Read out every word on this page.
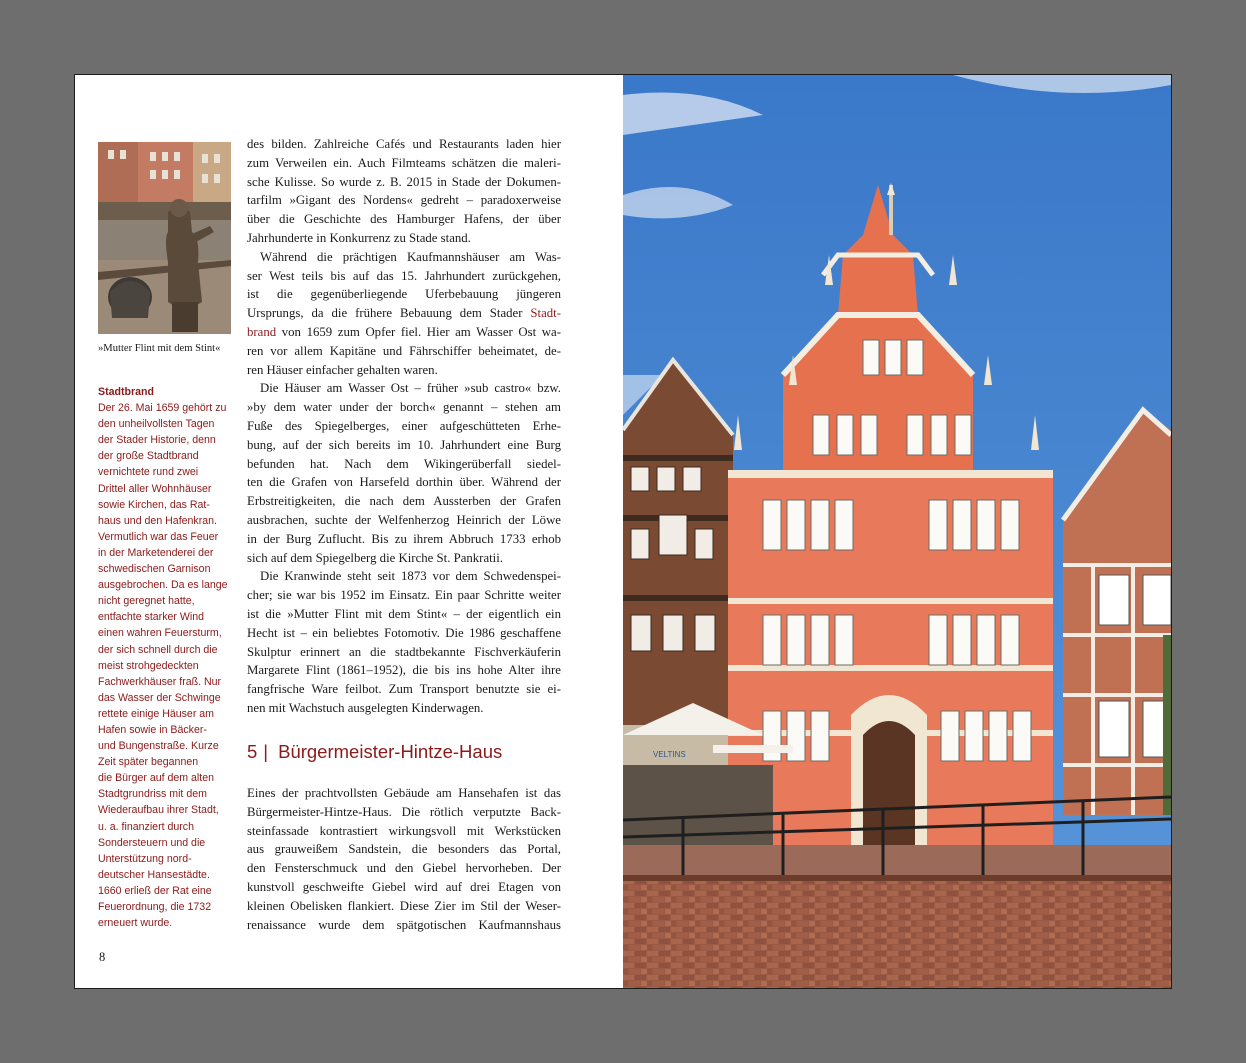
»Mutter Flint mit dem Stint«
Stadtbrand
Der 26. Mai 1659 gehört zu
den unheilvollsten Tagen
der Stader Historie, denn
der große Stadtbrand
vernichtete rund zwei
Drittel aller Wohnhäuser
sowie Kirchen, das Rat-
haus und den Hafenkran.
Vermutlich war das Feuer
in der Marketenderei der
schwedischen Garnison
ausgebrochen. Da es lange
nicht geregnet hatte,
entfachte starker Wind
einen wahren Feuersturm,
der sich schnell durch die
meist strohgedeckten
Fachwerkhäuser fraß. Nur
das Wasser der Schwinge
rettete einige Häuser am
Hafen sowie in Bäcker-
und Bungenstraße. Kurze
Zeit später begannen
die Bürger auf dem alten
Stadtgrundriss mit dem
Wiederaufbau ihrer Stadt,
u. a. finanziert durch
Sondersteuern und die
Unterstützung nord-
deutscher Hansestädte.
1660 erließ der Rat eine
Feuerordnung, die 1732
erneuert wurde.
des bilden. Zahlreiche Cafés und Restaurants laden hier
zum Verweilen ein. Auch Filmteams schätzen die maleri-
sche Kulisse. So wurde z. B. 2015 in Stade der Dokumen-
tarfilm »Gigant des Nordens« gedreht – paradoxerweise
über die Geschichte des Hamburger Hafens, der über
Jahrhunderte in Konkurrenz zu Stade stand.
Während die prächtigen Kaufmannshäuser am Was-
ser West teils bis auf das 15. Jahrhundert zurückgehen,
ist die gegenüberliegende Uferbebauung jüngeren
Ursprungs, da die frühere Bebauung dem Stader Stadt-
brand von 1659 zum Opfer fiel. Hier am Wasser Ost wa-
ren vor allem Kapitäne und Fährschiffer beheimatet, de-
ren Häuser einfacher gehalten waren.
Die Häuser am Wasser Ost – früher »sub castro« bzw.
»by dem water under der borch« genannt – stehen am
Fuße des Spiegelberges, einer aufgeschütteten Erhe-
bung, auf der sich bereits im 10. Jahrhundert eine Burg
befunden hat. Nach dem Wikingerüberfall siedel-
ten die Grafen von Harsefeld dorthin über. Während der
Erbstreitigkeiten, die nach dem Aussterben der Grafen
ausbrachen, suchte der Welfenherzog Heinrich der Löwe
in der Burg Zuflucht. Bis zu ihrem Abbruch 1733 erhob
sich auf dem Spiegelberg die Kirche St. Pankratii.
Die Kranwinde steht seit 1873 vor dem Schwedenspei-
cher; sie war bis 1952 im Einsatz. Ein paar Schritte weiter
ist die »Mutter Flint mit dem Stint« – der eigentlich ein
Hecht ist – ein beliebtes Fotomotiv. Die 1986 geschaffene
Skulptur erinnert an die stadtbekannte Fischverkäuferin
Margarete Flint (1861–1952), die bis ins hohe Alter ihre
fangfrische Ware feilbot. Zum Transport benutzte sie ei-
nen mit Wachstuch ausgelegten Kinderwagen.
5 | Bürgermeister-Hintze-Haus
Eines der prachtvollsten Gebäude am Hansehafen ist das
Bürgermeister-Hintze-Haus. Die rötlich verputzte Back-
steinfassade kontrastiert wirkungsvoll mit Werkstücken
aus grauweißem Sandstein, die besonders das Portal,
den Fensterschmuck und den Giebel hervorheben. Der
kunstvoll geschweifte Giebel wird auf drei Etagen von
kleinen Obelisken flankiert. Diese Zier im Stil der Weser-
renaissance wurde dem spätgotischen Kaufmannshaus
8
VELTINS
